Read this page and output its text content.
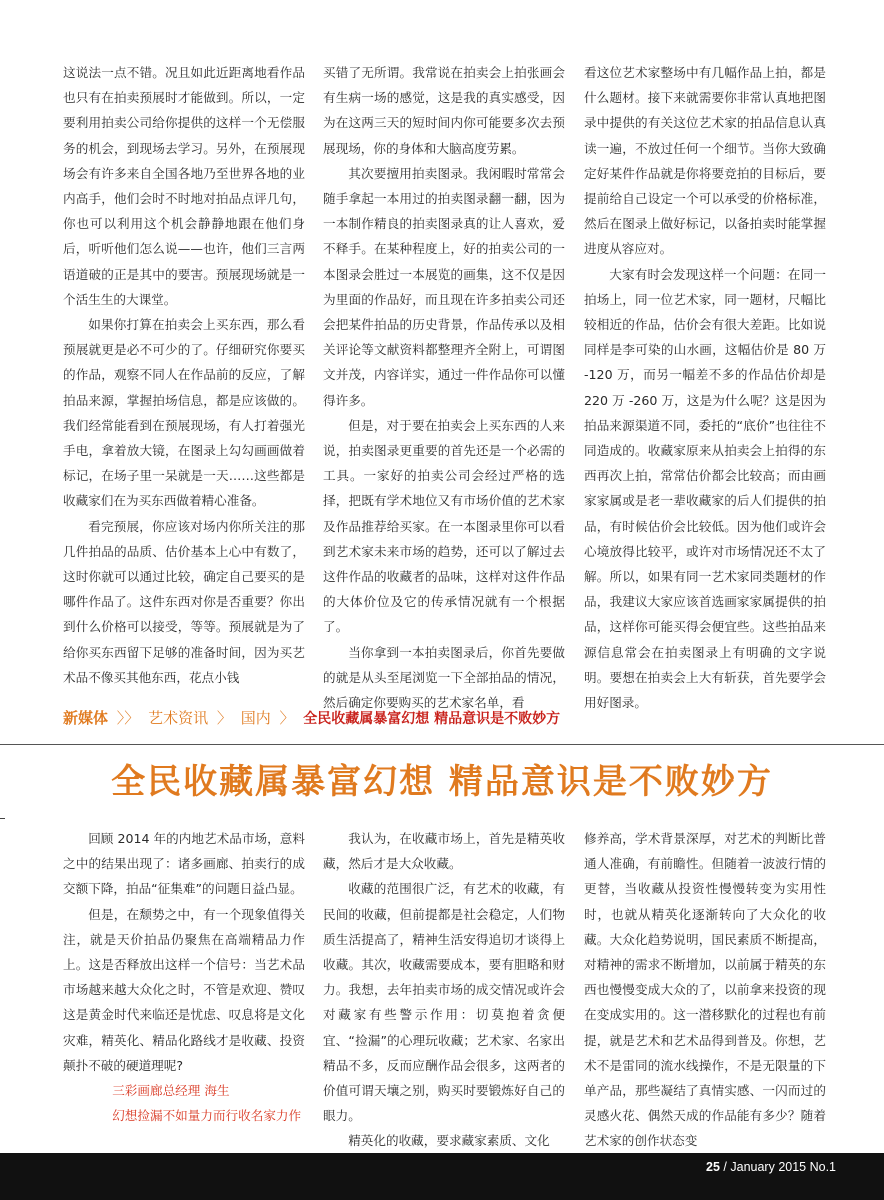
这说法一点不错。况且如此近距离地看作品也只有在拍卖预展时才能做到。所以，一定要利用拍卖公司给你提供的这样一个无偿服务的机会，到现场去学习。另外，在预展现场会有许多来自全国各地乃至世界各地的业内高手，他们会时不时地对拍品点评几句，你也可以利用这个机会静静地跟在他们身后，听听他们怎么说——也许，他们三言两语道破的正是其中的要害。预展现场就是一个活生生的大课堂。

如果你打算在拍卖会上买东西，那么看预展就更是必不可少的了。仔细研究你要买的作品，观察不同人在作品前的反应，了解拍品来源，掌握拍场信息，都是应该做的。我们经常能看到在预展现场，有人打着强光手电，拿着放大镜，在图录上勾勾画画做着标记，在场子里一呆就是一天……这些都是收藏家们在为买东西做着精心准备。

看完预展，你应该对场内你所关注的那几件拍品的品质、估价基本上心中有数了，这时你就可以通过比较，确定自己要买的是哪件作品了。这件东西对你是否重要？你出到什么价格可以接受，等等。预展就是为了给你买东西留下足够的准备时间，因为买艺术品不像买其他东西，花点小钱

买错了无所谓。我常说在拍卖会上拍张画会有生病一场的感觉，这是我的真实感受，因为在这两三天的短时间内你可能要多次去预展现场，你的身体和大脑高度劳累。

其次要擅用拍卖图录。我闲暇时常常会随手拿起一本用过的拍卖图录翻一翻，因为一本制作精良的拍卖图录真的让人喜欢，爱不释手。在某种程度上，好的拍卖公司的一本图录会胜过一本展览的画集，这不仅是因为里面的作品好，而且现在许多拍卖公司还会把某件拍品的历史背景，作品传承以及相关评论等文献资料都整理齐全附上，可谓图文并茂，内容详实，通过一件作品你可以懂得许多。

但是，对于要在拍卖会上买东西的人来说，拍卖图录更重要的首先还是一个必需的工具。一家好的拍卖公司会经过严格的选择，把既有学术地位又有市场价值的艺术家及作品推荐给买家。在一本图录里你可以看到艺术家未来市场的趋势，还可以了解过去这件作品的收藏者的品味，这样对这件作品的大体价位及它的传承情况就有一个根据了。

当你拿到一本拍卖图录后，你首先要做的就是从头至尾浏览一下全部拍品的情况，然后确定你要购买的艺术家名单，看

看这位艺术家整场中有几幅作品上拍，都是什么题材。接下来就需要你非常认真地把图录中提供的有关这位艺术家的拍品信息认真读一遍，不放过任何一个细节。当你大致确定好某件作品就是你将要竞拍的目标后，要提前给自己设定一个可以承受的价格标准，然后在图录上做好标记，以备拍卖时能掌握进度从容应对。

大家有时会发现这样一个问题：在同一拍场上，同一位艺术家，同一题材，尺幅比较相近的作品，估价会有很大差距。比如说同样是李可染的山水画，这幅估价是 80 万 -120 万，而另一幅差不多的作品估价却是 220 万 -260 万，这是为什么呢？这是因为拍品来源渠道不同，委托的“底价”也往往不同造成的。收藏家原来从拍卖会上拍得的东西再次上拍，常常估价都会比较高；而由画家家属或是老一辈收藏家的后人们提供的拍品，有时候估价会比较低。因为他们或许会心境放得比较平，或许对市场情况还不太了解。所以，如果有同一艺术家同类题材的作品，我建议大家应该首选画家家属提供的拍品，这样你可能买得会便宜些。这些拍品来源信息常会在拍卖图录上有明确的文字说明。要想在拍卖会上大有斩获，首先要学会用好图录。

新媒体 〉〉 艺术资讯 〉 国内 〉 全民收藏属暴富幻想 精品意识是不败妙方
全民收藏属暴富幻想 精品意识是不败妙方

回顾 2014 年的内地艺术品市场，意料之中的结果出现了：诸多画廊、拍卖行的成交额下降，拍品“征集难”的问题日益凸显。

但是，在颓势之中，有一个现象值得关注，就是天价拍品仍聚焦在高端精品力作上。这是否释放出这样一个信号：当艺术品市场越来越大众化之时，不管是欢迎、赞叹这是黄金时代来临还是忧虑、叹息将是文化灾难，精英化、精品化路线才是收藏、投资颠扑不破的硬道理呢?

三彩画廊总经理 海生
幻想捡漏不如量力而行收名家力作

我认为，在收藏市场上，首先是精英收藏，然后才是大众收藏。

收藏的范围很广泛，有艺术的收藏，有民间的收藏，但前提都是社会稳定，人们物质生活提高了，精神生活安得追切才谈得上收藏。其次，收藏需要成本，要有胆略和财力。我想，去年拍卖市场的成交情况或许会对藏家有些警示作用：切莫抱着贪便宜、“捡漏”的心理玩收藏；艺术家、名家出精品不多，反而应酬作品会很多，这两者的价值可谓天壤之别，购买时要锻炼好自己的眼力。

精英化的收藏，要求藏家素质、文化

修养高，学术背景深厚，对艺术的判断比普通人准确，有前瞻性。但随着一波波行情的更替，当收藏从投资性慢慢转变为实用性时，也就从精英化逐渐转向了大众化的收藏。大众化趋势说明，国民素质不断提高，对精神的需求不断增加，以前属于精英的东西也慢慢变成大众的了，以前拿来投资的现在变成实用的。这一潜移默化的过程也有前提，就是艺术和艺术品得到普及。你想，艺术不是雷同的流水线操作，不是无限量的下单产品，那些凝结了真情实感、一闪而过的灵感火花、偶然天成的作品能有多少？随着艺术家的创作状态变

25 / January 2015 No.1
